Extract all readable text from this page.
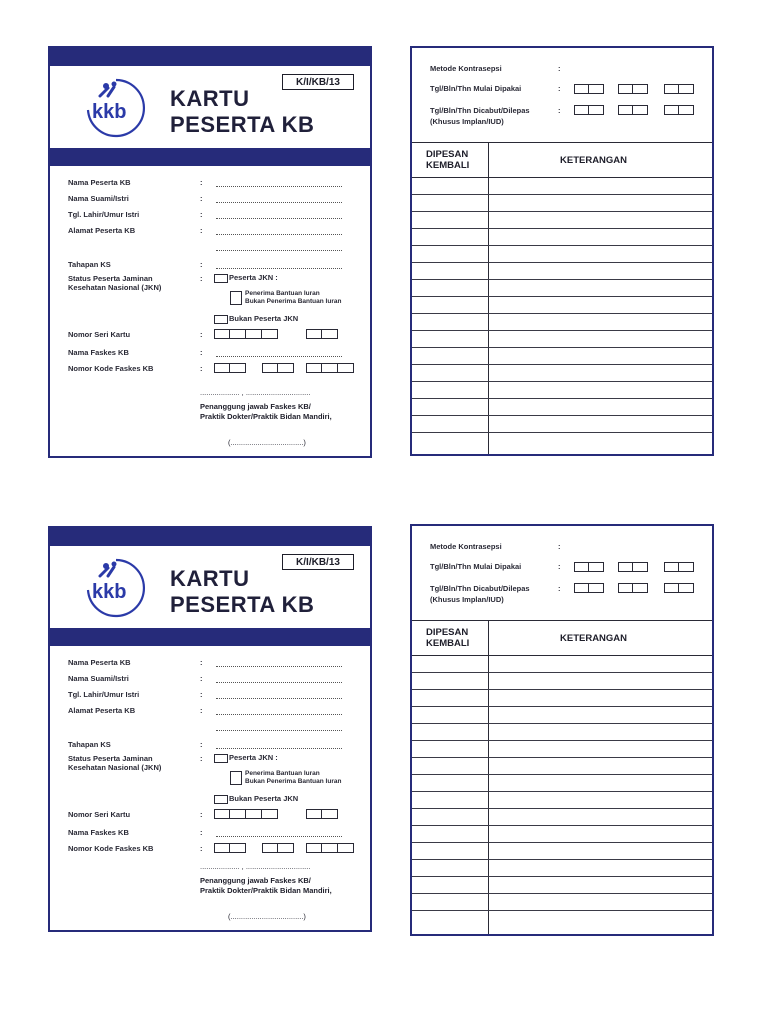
K/I/KB/13
kkb
KARTU
PESERTA KB
Nama Peserta KB	:
Nama Suami/Istri	:
Tgl. Lahir/Umur Istri	:
Alamat Peserta KB	:
Tahapan KS	:
Status Peserta Jaminan
Kesehatan Nasional (JKN)
:	Peserta JKN :
Penerima Bantuan Iuran
Bukan Penerima Bantuan Iuran
Bukan Peserta JKN
Nomor Seri Kartu	:
Nama Faskes KB	:
Nomor Kode Faskes KB	:
................... , ...............................
Penanggung jawab Faskes KB/
Praktik Dokter/Praktik Bidan Mandiri,
(...................................)
Metode Kontrasepsi	:
Tgl/Bln/Thn Mulai Dipakai	:
Tgl/Bln/Thn Dicabut/Dilepas	:
(Khusus Implan/IUD)
DIPESAN
KEMBALI	KETERANGAN
K/I/KB/13
kkb
KARTU
PESERTA KB
Nama Peserta KB	:
Nama Suami/Istri	:
Tgl. Lahir/Umur Istri	:
Alamat Peserta KB	:
Tahapan KS	:
Status Peserta Jaminan
Kesehatan Nasional (JKN)
:	Peserta JKN :
Penerima Bantuan Iuran
Bukan Penerima Bantuan Iuran
Bukan Peserta JKN
Nomor Seri Kartu	:
Nama Faskes KB	:
Nomor Kode Faskes KB	:
................... , ...............................
Penanggung jawab Faskes KB/
Praktik Dokter/Praktik Bidan Mandiri,
(...................................)
Metode Kontrasepsi	:
Tgl/Bln/Thn Mulai Dipakai	:
Tgl/Bln/Thn Dicabut/Dilepas	:
(Khusus Implan/IUD)
DIPESAN
KEMBALI	KETERANGAN
